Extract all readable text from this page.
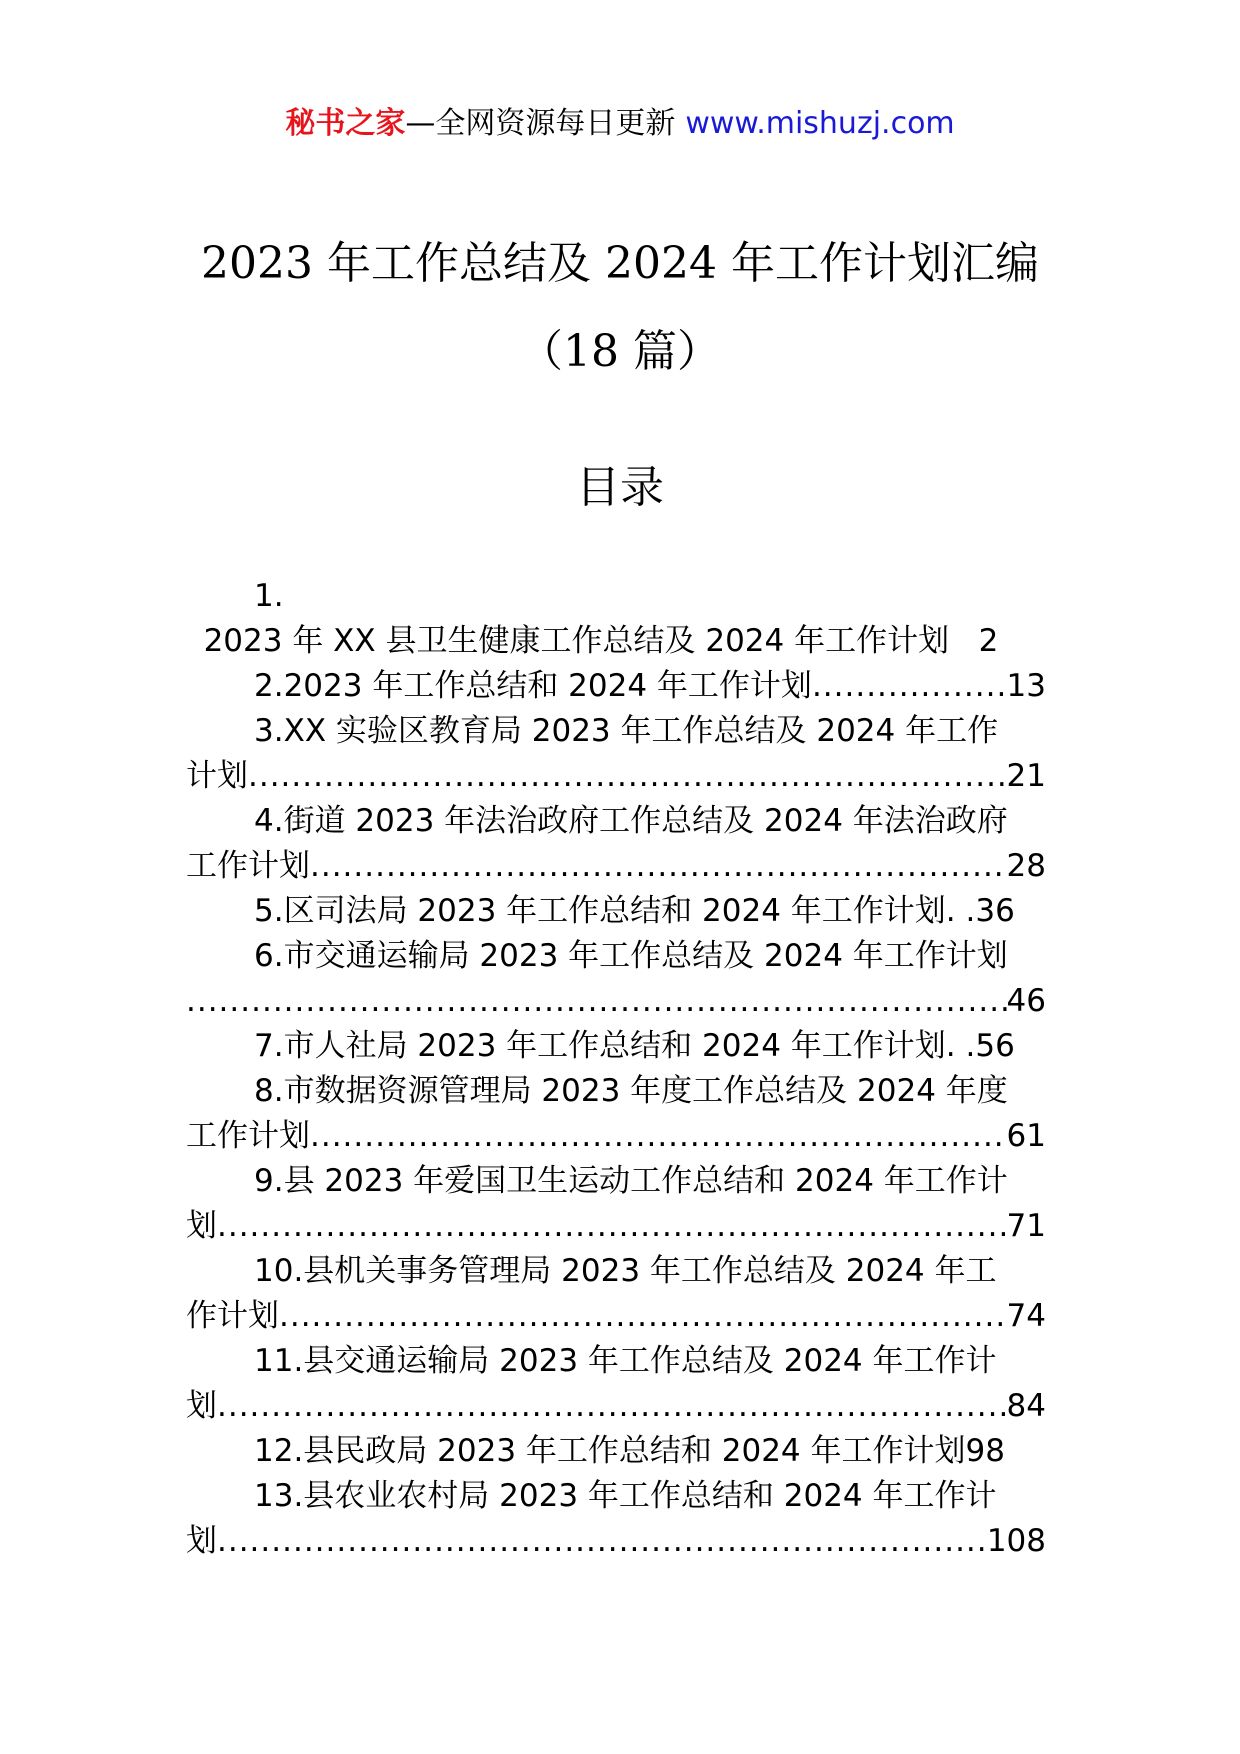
秘书之家—全网资源每日更新 www.mishuzj.com
2023 年工作总结及 2024 年工作计划汇编
（18 篇）
目录
1.
2023 年 XX 县卫生健康工作总结及 2024 年工作计划 2
2.2023 年工作总结和 2024 年工作计划 .....	13
3.XX 实验区教育局 2023 年工作总结及 2024 年工作
计划 .....	21
4.街道 2023 年法治政府工作总结及 2024 年法治政府
工作计划 .....	28
5.区司法局 2023 年工作总结和 2024 年工作计划. . 36
6.市交通运输局 2023 年工作总结及 2024 年工作计划
.....
46
7.市人社局 2023 年工作总结和 2024 年工作计划. . 56
8.市数据资源管理局 2023 年度工作总结及 2024 年度
工作计划 .....	61
9.县 2023 年爱国卫生运动工作总结和 2024 年工作计
划 .....	71
10.县机关事务管理局 2023 年工作总结及 2024 年工
作计划 .....	74
11.县交通运输局 2023 年工作总结及 2024 年工作计
划 .....	84
12.县民政局 2023 年工作总结和 2024 年工作计划 98
13.县农业农村局 2023 年工作总结和 2024 年工作计
划 .....	108
